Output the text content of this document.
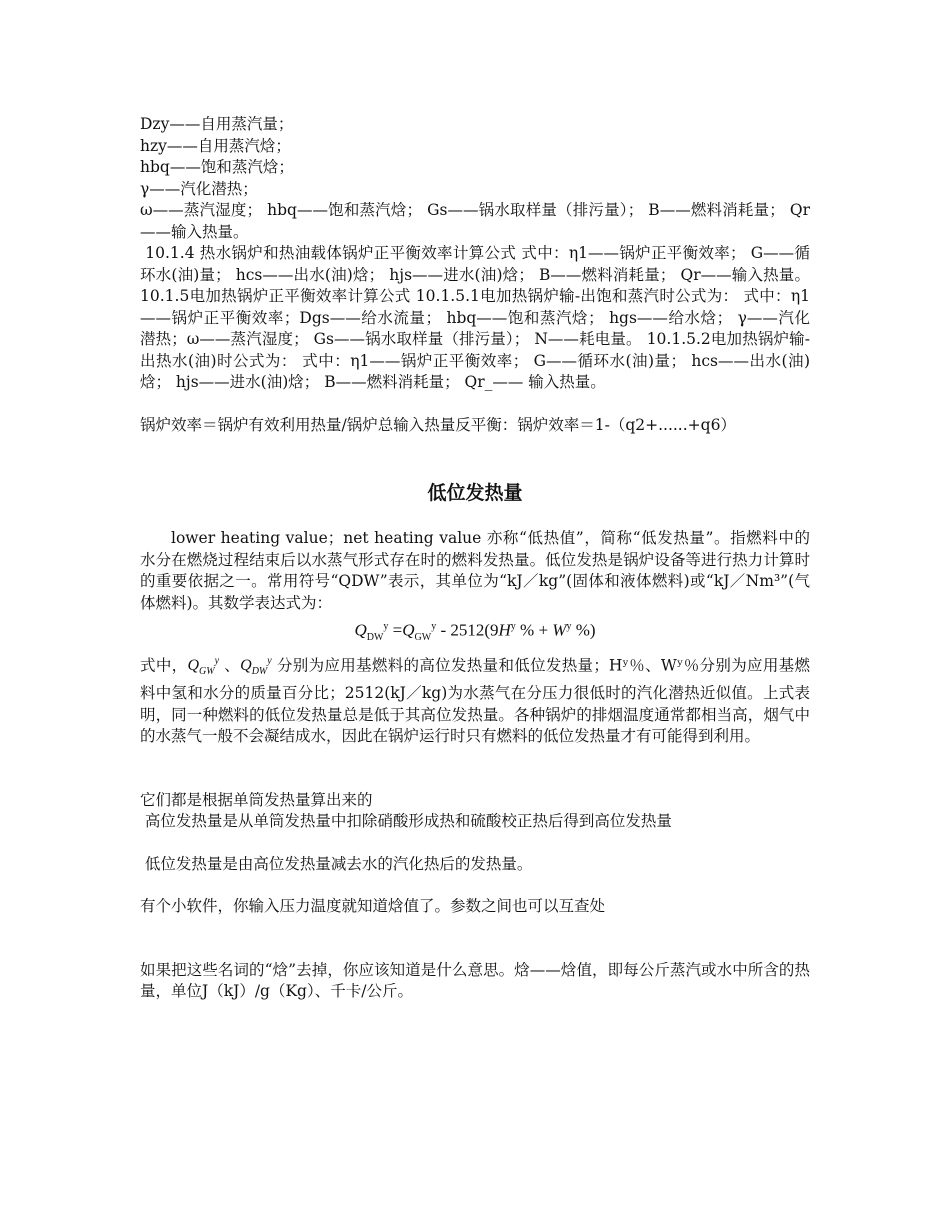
Dzy——自用蒸汽量；

hzy——自用蒸汽焓；

hbq——饱和蒸汽焓；

γ——汽化潜热；

ω——蒸汽湿度； hbq——饱和蒸汽焓； Gs——锅水取样量（排污量）； B——燃料消耗量； Qr——输入热量。

10.1.4 热水锅炉和热油载体锅炉正平衡效率计算公式 式中：η1——锅炉正平衡效率； G——循环水(油)量； hcs——出水(油)焓； hjs——进水(油)焓； B——燃料消耗量； Qr——输入热量。 10.1.5电加热锅炉正平衡效率计算公式 10.1.5.1电加热锅炉输-出饱和蒸汽时公式为： 式中：η1——锅炉正平衡效率；Dgs——给水流量； hbq——饱和蒸汽焓； hgs——给水焓； γ——汽化潜热；ω——蒸汽湿度； Gs——锅水取样量（排污量）； N——耗电量。 10.1.5.2电加热锅炉输-出热水(油)时公式为： 式中：η1——锅炉正平衡效率； G——循环水(油)量； hcs——出水(油)焓； hjs——进水(油)焓； B——燃料消耗量； Qr_—— 输入热量。

锅炉效率＝锅炉有效利用热量/锅炉总输入热量反平衡：锅炉效率＝1-（q2+......+q6）

低位发热量

lower heating value；net heating value 亦称“低热值”，简称“低发热量”。指燃料中的水分在燃烧过程结束后以水蒸气形式存在时的燃料发热量。低位发热是锅炉设备等进行热力计算时的重要依据之一。常用符号“QDW”表示，其单位为“kJ／kg”(固体和液体燃料)或“kJ／Nm³”(气体燃料)。其数学表达式为：

$Q_{DW}^y =Q_{GW}^y - 2512(9H^y$ % + $W^y$ %)

式中，$Q_{GW}^y$ 、$Q_{DW}^y$ 分别为应用基燃料的高位发热量和低位发热量；Hʸ％、Wʸ％分别为应用基燃料中氢和水分的质量百分比；2512(kJ／kg)为水蒸气在分压力很低时的汽化潜热近似值。上式表明，同一种燃料的低位发热量总是低于其高位发热量。各种锅炉的排烟温度通常都相当高，烟气中的水蒸气一般不会凝结成水，因此在锅炉运行时只有燃料的低位发热量才有可能得到利用。

它们都是根据单筒发热量算出来的

高位发热量是从单筒发热量中扣除硝酸形成热和硫酸校正热后得到高位发热量

低位发热量是由高位发热量减去水的汽化热后的发热量。

有个小软件，你输入压力温度就知道焓值了。参数之间也可以互查处

如果把这些名词的“焓”去掉，你应该知道是什么意思。焓——焓值，即每公斤蒸汽或水中所含的热量，单位J（kJ）/g（Kg）、千卡/公斤。
